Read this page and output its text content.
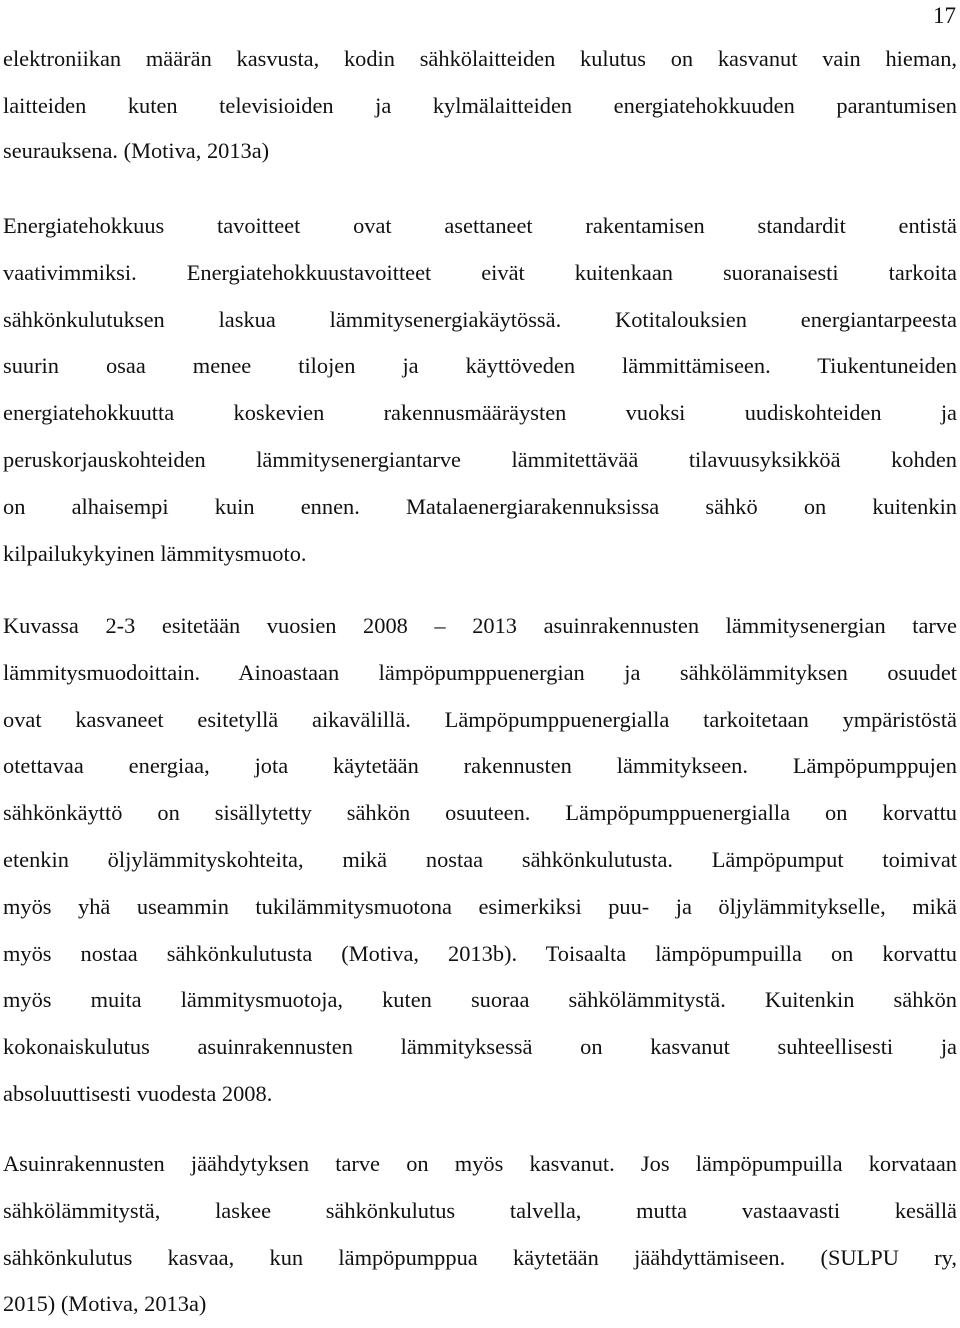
17
elektroniikan määrän kasvusta, kodin sähkölaitteiden kulutus on kasvanut vain hieman,
laitteiden kuten televisioiden ja kylmälaitteiden energiatehokkuuden parantumisen
seurauksena. (Motiva, 2013a)
Energiatehokkuus tavoitteet ovat asettaneet rakentamisen standardit entistä
vaativimmiksi. Energiatehokkuustavoitteet eivät kuitenkaan suoranaisesti tarkoita
sähkönkulutuksen laskua lämmitysenergiakäytössä. Kotitalouksien energiantarpeesta
suurin osaa menee tilojen ja käyttöveden lämmittämiseen. Tiukentuneiden
energiatehokkuutta koskevien rakennusmääräysten vuoksi uudiskohteiden ja
peruskorjauskohteiden lämmitysenergiantarve lämmitettävää tilavuusyksikköä kohden
on alhaisempi kuin ennen. Matalaenergiarakennuksissa sähkö on kuitenkin
kilpailukykyinen lämmitysmuoto.
Kuvassa 2-3 esitetään vuosien 2008 – 2013 asuinrakennusten lämmitysenergian tarve
lämmitysmuodoittain. Ainoastaan lämpöpumppuenergian ja sähkölämmityksen osuudet
ovat kasvaneet esitetyllä aikavälillä. Lämpöpumppuenergialla tarkoitetaan ympäristöstä
otettavaa energiaa, jota käytetään rakennusten lämmitykseen. Lämpöpumppujen
sähkönkäyttö on sisällytetty sähkön osuuteen. Lämpöpumppuenergialla on korvattu
etenkin öljylämmityskohteita, mikä nostaa sähkönkulutusta. Lämpöpumput toimivat
myös yhä useammin tukilämmitysmuotona esimerkiksi puu- ja öljylämmitykselle, mikä
myös nostaa sähkönkulutusta (Motiva, 2013b). Toisaalta lämpöpumpuilla on korvattu
myös muita lämmitysmuotoja, kuten suoraa sähkölämmitystä. Kuitenkin sähkön
kokonaiskulutus asuinrakennusten lämmityksessä on kasvanut suhteellisesti ja
absoluuttisesti vuodesta 2008.
Asuinrakennusten jäähdytyksen tarve on myös kasvanut. Jos lämpöpumpuilla korvataan
sähkölämmitystä, laskee sähkönkulutus talvella, mutta vastaavasti kesällä
sähkönkulutus kasvaa, kun lämpöpumppua käytetään jäähdyttämiseen. (SULPU ry,
2015) (Motiva, 2013a)
